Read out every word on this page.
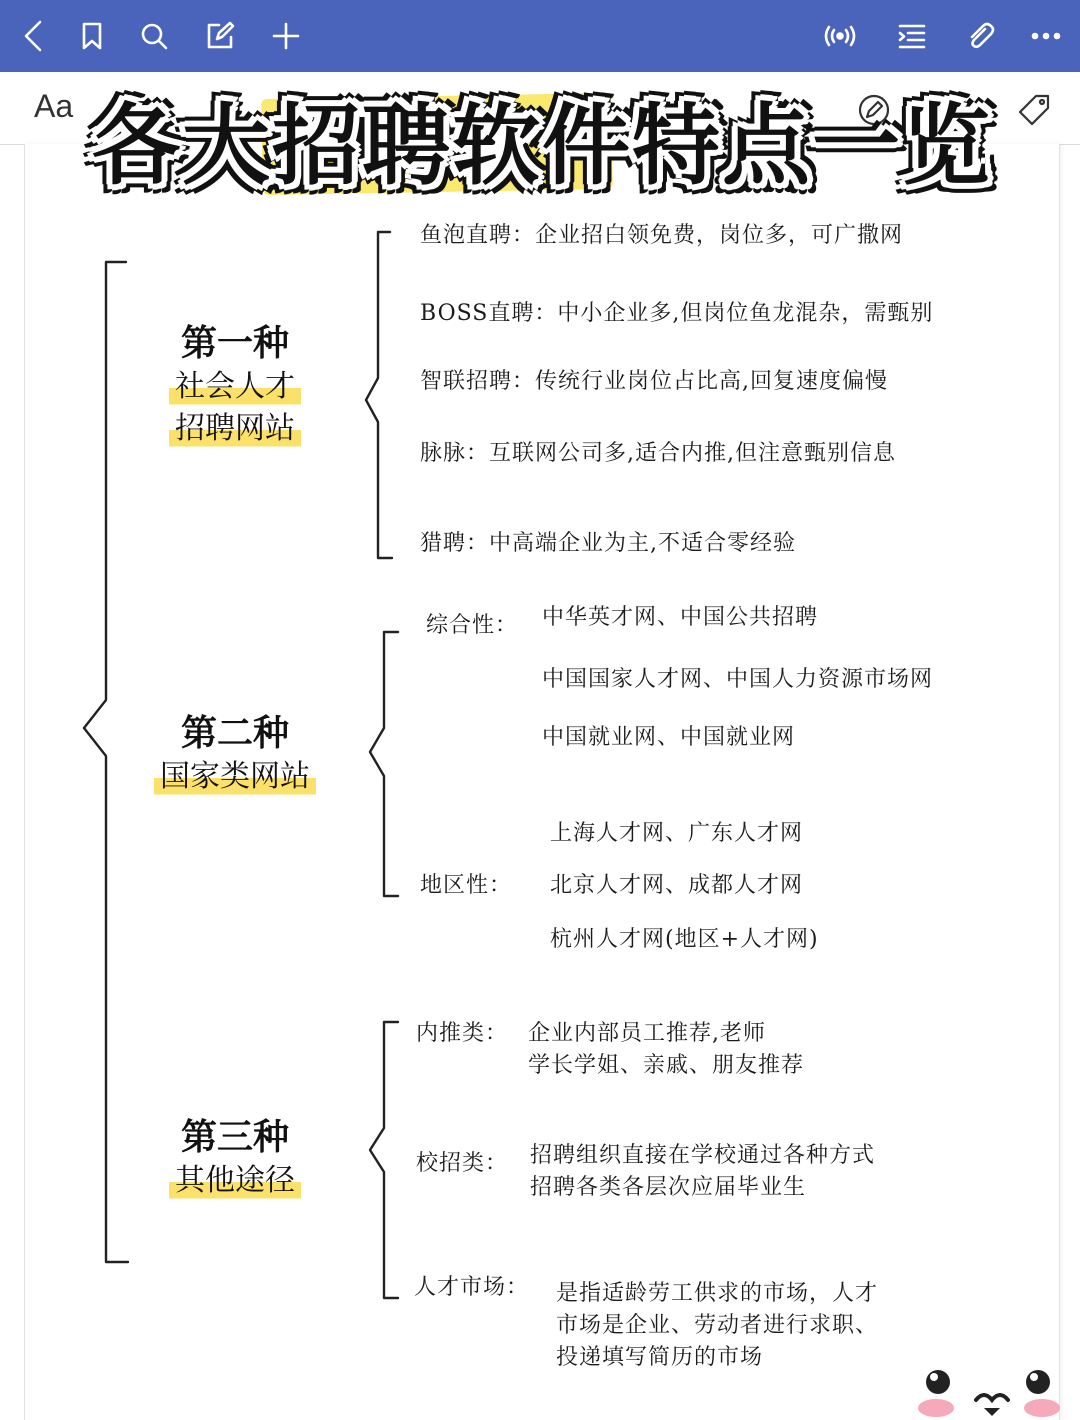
Aa 各大招聘软件特点一览
第一种
社会人才
招聘网站
鱼泡直聘：企业招白领免费，岗位多，可广撒网
BOSS直聘：中小企业多,但岗位鱼龙混杂，需甄别
智联招聘：传统行业岗位占比高,回复速度偏慢
脉脉：互联网公司多,适合内推,但注意甄别信息
猎聘：中高端企业为主,不适合零经验
第二种
国家类网站
综合性： 中华英才网、中国公共招聘
中国国家人才网、中国人力资源市场网
中国就业网、中国就业网
地区性：
上海人才网、广东人才网
北京人才网、成都人才网
杭州人才网(地区+人才网)
第三种
其他途径
内推类： 企业内部员工推荐,老师
学长学姐、亲戚、朋友推荐
校招类： 招聘组织直接在学校通过各种方式
招聘各类各层次应届毕业生
人才市场： 是指适龄劳工供求的市场，人才
市场是企业、劳动者进行求职、
投递填写简历的市场
